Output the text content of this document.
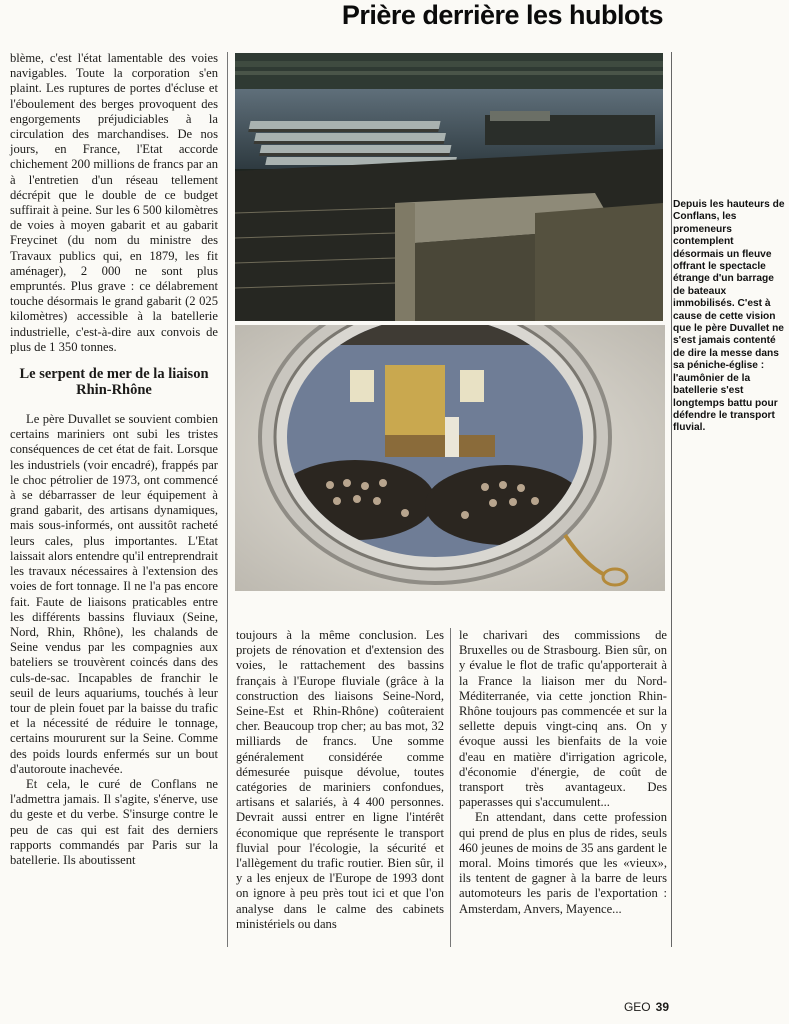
Prière derrière les hublots

blème, c'est l'état lamentable des voies navigables. Toute la corporation s'en plaint. Les ruptures de portes d'écluse et l'éboulement des berges provoquent des engorgements préjudiciables à la circulation des marchandises. De nos jours, en France, l'Etat accorde chichement 200 millions de francs par an à l'entretien d'un réseau tellement décrépit que le double de ce budget suffirait à peine. Sur les 6 500 kilomètres de voies à moyen gabarit et au gabarit Freycinet (du nom du ministre des Travaux publics qui, en 1879, les fit aménager), 2 000 ne sont plus empruntés. Plus grave : ce délabrement touche désormais le grand gabarit (2 025 kilomètres) accessible à la batellerie industrielle, c'est-à-dire aux convois de plus de 1 350 tonnes.

Le serpent de mer de la liaison Rhin-Rhône

Le père Duvallet se souvient combien certains mariniers ont subi les tristes conséquences de cet état de fait. Lorsque les industriels (voir encadré), frappés par le choc pétrolier de 1973, ont commencé à se débarrasser de leur équipement à grand gabarit, des artisans dynamiques, mais sous-informés, ont aussitôt racheté leurs cales, plus importantes. L'Etat laissait alors entendre qu'il entreprendrait les travaux nécessaires à l'extension des voies de fort tonnage. Il ne l'a pas encore fait. Faute de liaisons praticables entre les différents bassins fluviaux (Seine, Nord, Rhin, Rhône), les chalands de Seine vendus par les compagnies aux bateliers se trouvèrent coincés dans des culs-de-sac. Incapables de franchir le seuil de leurs aquariums, touchés à leur tour de plein fouet par la baisse du trafic et la nécessité de réduire le tonnage, certains moururent sur la Seine. Comme des poids lourds enfermés sur un bout d'autoroute inachevée.

Et cela, le curé de Conflans ne l'admettra jamais. Il s'agite, s'énerve, use du geste et du verbe. S'insurge contre le peu de cas qui est fait des derniers rapports commandés par Paris sur la batellerie. Ils aboutissent

Depuis les hauteurs de Conflans, les promeneurs contemplent désormais un fleuve offrant le spectacle étrange d'un barrage de bateaux immobilisés. C'est à cause de cette vision que le père Duvallet ne s'est jamais contenté de dire la messe dans sa péniche-église : l'aumônier de la batellerie s'est longtemps battu pour défendre le transport fluvial.

toujours à la même conclusion. Les projets de rénovation et d'extension des voies, le rattachement des bassins français à l'Europe fluviale (grâce à la construction des liaisons Seine-Nord, Seine-Est et Rhin-Rhône) coûteraient cher. Beaucoup trop cher; au bas mot, 32 milliards de francs. Une somme généralement considérée comme démesurée puisque dévolue, toutes catégories de mariniers confondues, artisans et salariés, à 4 400 personnes. Devrait aussi entrer en ligne l'intérêt économique que représente le transport fluvial pour l'écologie, la sécurité et l'allègement du trafic routier. Bien sûr, il y a les enjeux de l'Europe de 1993 dont on ignore à peu près tout ici et que l'on analyse dans le calme des cabinets ministériels ou dans

le charivari des commissions de Bruxelles ou de Strasbourg. Bien sûr, on y évalue le flot de trafic qu'apporterait à la France la liaison mer du Nord-Méditerranée, via cette jonction Rhin-Rhône toujours pas commencée et sur la sellette depuis vingt-cinq ans. On y évoque aussi les bienfaits de la voie d'eau en matière d'irrigation agricole, d'économie d'énergie, de coût de transport très avantageux. Des paperasses qui s'accumulent...

En attendant, dans cette profession qui prend de plus en plus de rides, seuls 460 jeunes de moins de 35 ans gardent le moral. Moins timorés que les «vieux», ils tentent de gagner à la barre de leurs automoteurs les paris de l'exportation : Amsterdam, Anvers, Mayence...

GEO 39
